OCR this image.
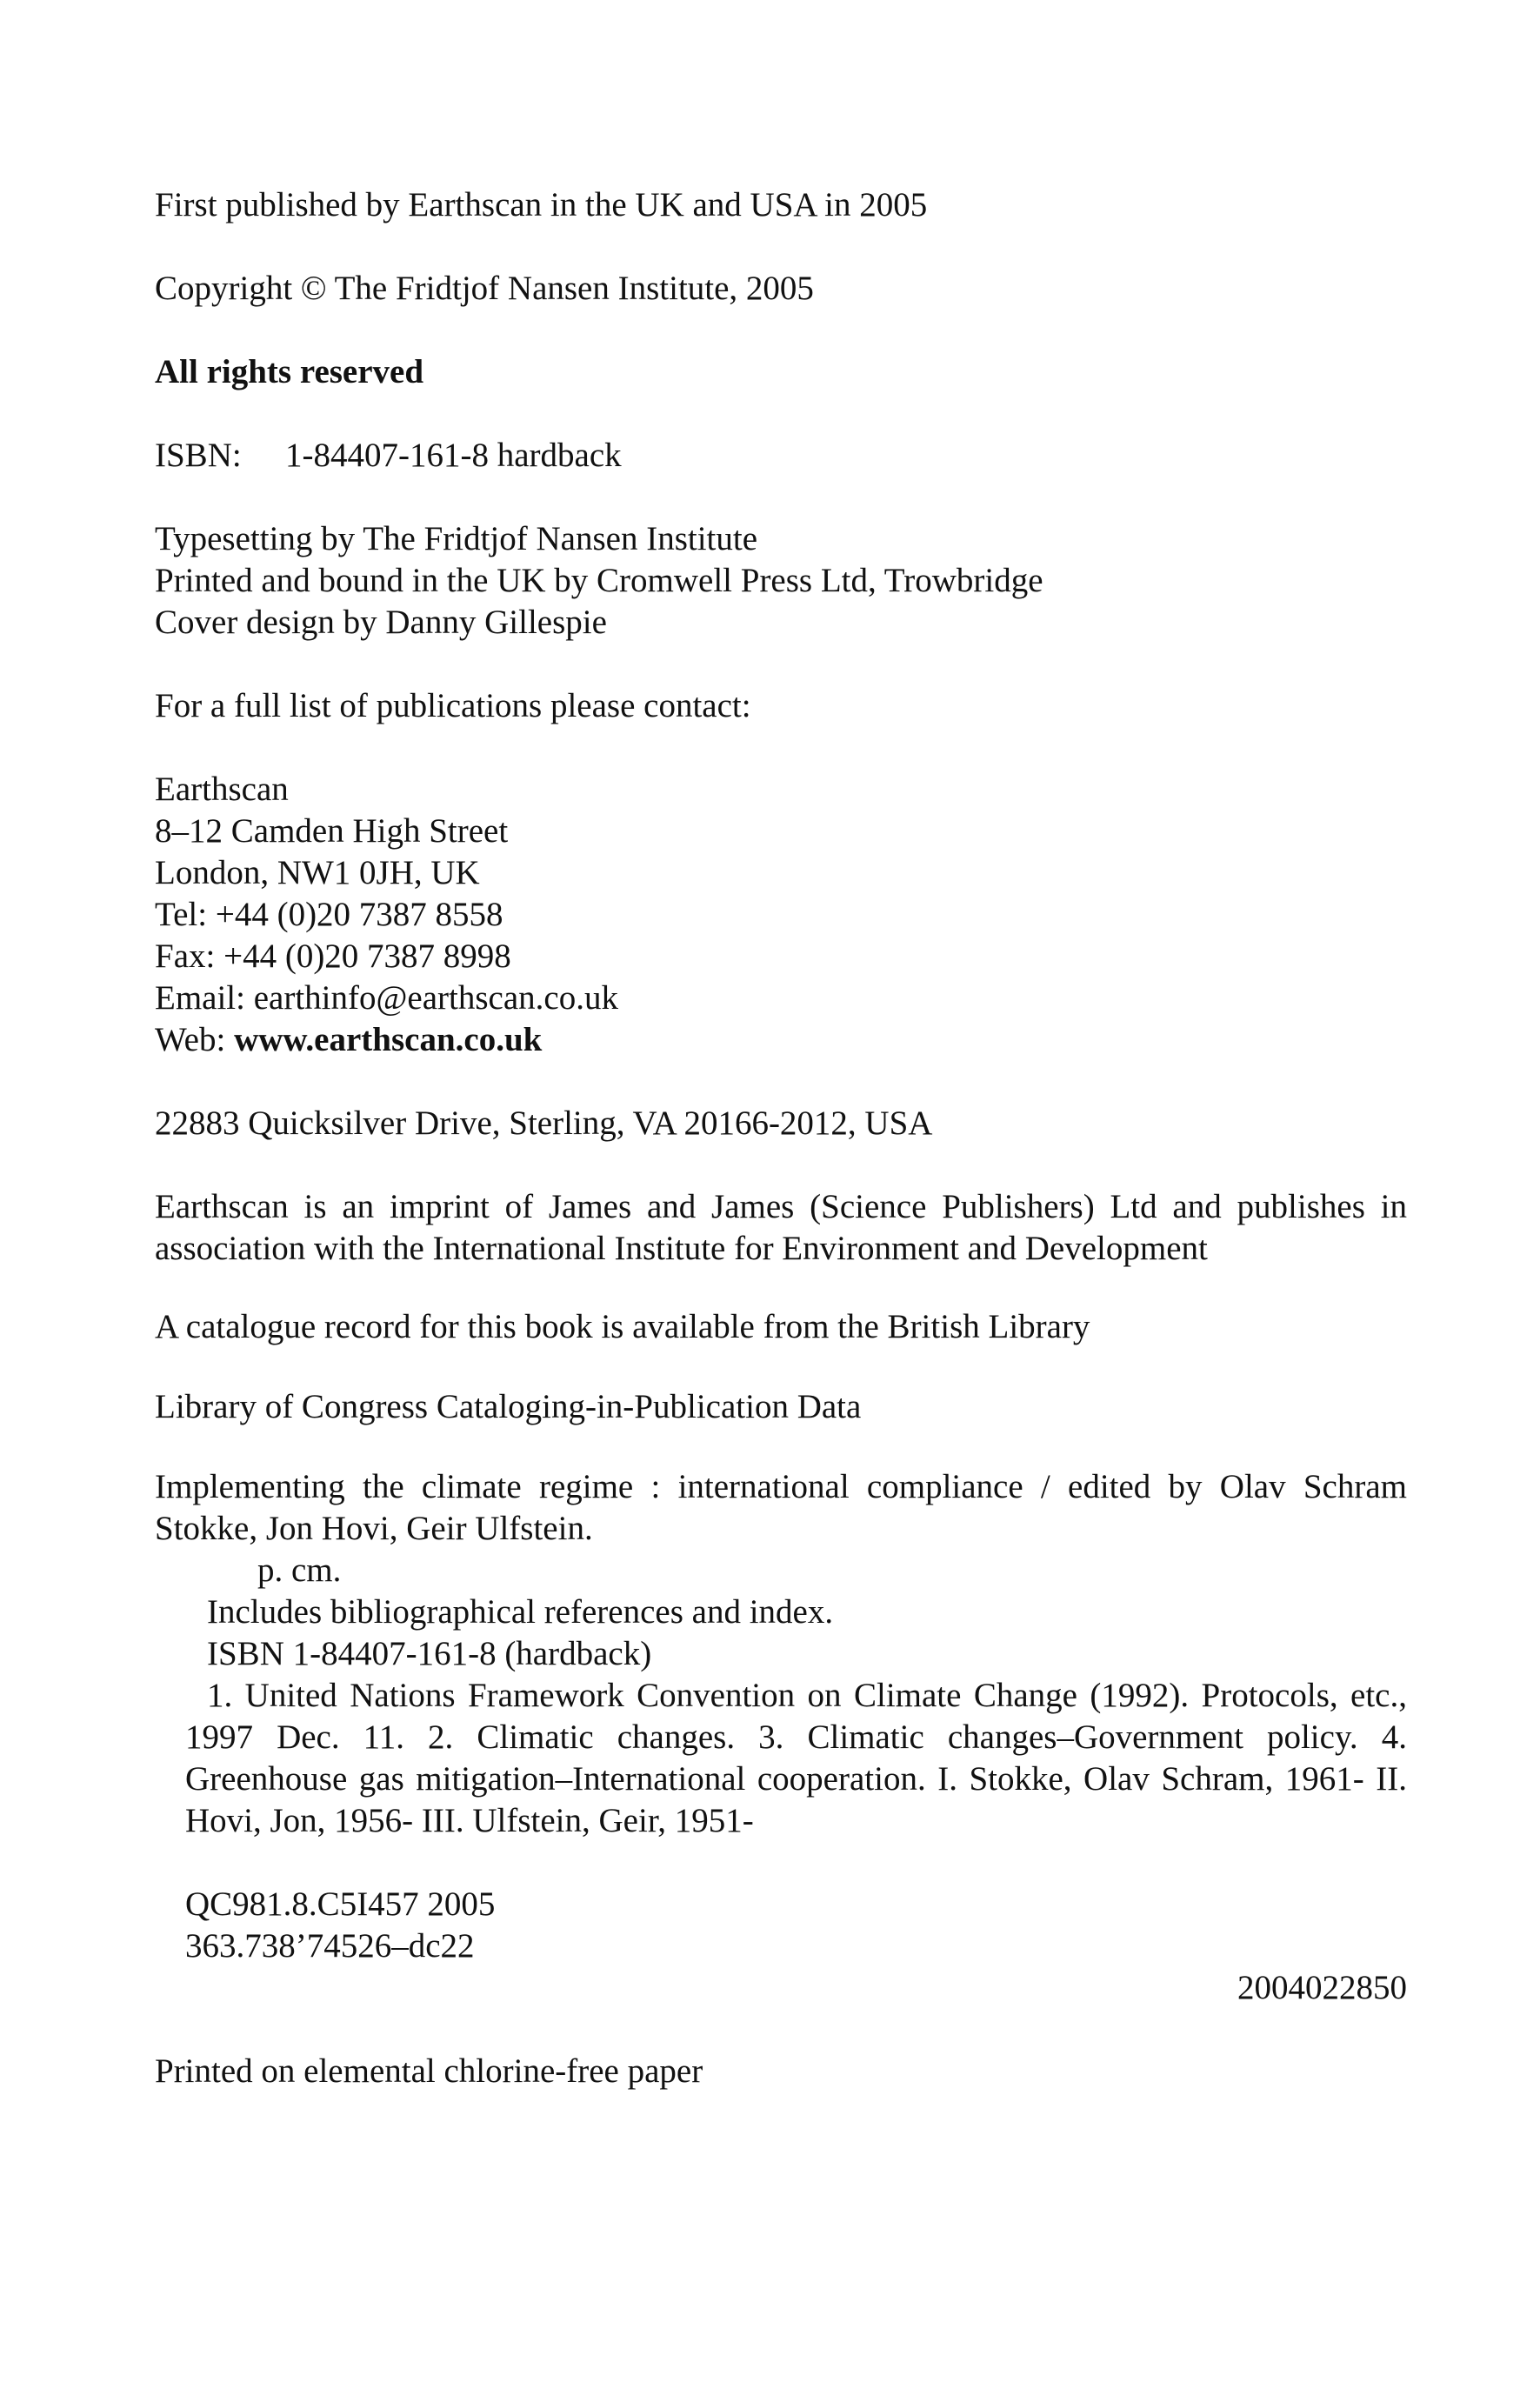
First published by Earthscan in the UK and USA in 2005

Copyright © The Fridtjof Nansen Institute, 2005

All rights reserved

ISBN:	1-84407-161-8 hardback

Typesetting by The Fridtjof Nansen Institute

Printed and bound in the UK by Cromwell Press Ltd, Trowbridge

Cover design by Danny Gillespie

For a full list of publications please contact:

Earthscan

8–12 Camden High Street

London, NW1 0JH, UK

Tel: +44 (0)20 7387 8558

Fax: +44 (0)20 7387 8998

Email: earthinfo@earthscan.co.uk

Web: www.earthscan.co.uk

22883 Quicksilver Drive, Sterling, VA 20166-2012, USA

Earthscan is an imprint of James and James (Science Publishers) Ltd and publishes in association with the International Institute for Environment and Development

A catalogue record for this book is available from the British Library

Library of Congress Cataloging-in-Publication Data

Implementing the climate regime : international compliance / edited by Olav Schram Stokke, Jon Hovi, Geir Ulfstein.

p. cm.

Includes bibliographical references and index.

ISBN 1-84407-161-8 (hardback)

1. United Nations Framework Convention on Climate Change (1992). Protocols, etc., 1997 Dec. 11. 2. Climatic changes. 3. Climatic changes–Government policy. 4. Greenhouse gas mitigation–International cooperation. I. Stokke, Olav Schram, 1961- II. Hovi, Jon, 1956- III. Ulfstein, Geir, 1951-

QC981.8.C5I457 2005

363.738’74526–dc22

2004022850

Printed on elemental chlorine-free paper
